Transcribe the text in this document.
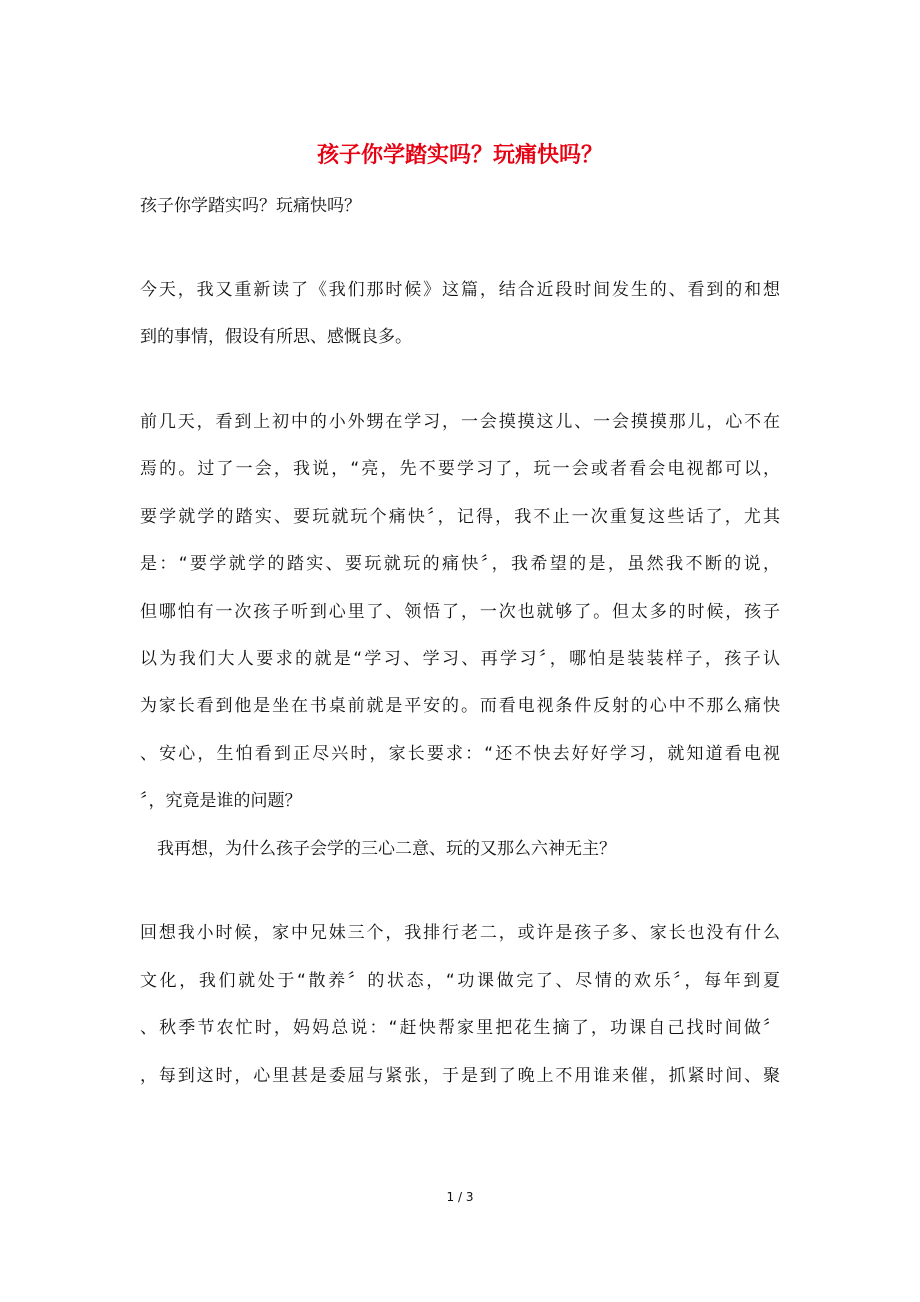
孩子你学踏实吗？玩痛快吗？
孩子你学踏实吗？玩痛快吗？
今天，我又重新读了《我们那时候》这篇，结合近段时间发生的、看到的和想
到的事情，假设有所思、感慨良多。
前几天，看到上初中的小外甥在学习，一会摸摸这儿、一会摸摸那儿，心不在
焉的。过了一会，我说，“亮，先不要学习了，玩一会或者看会电视都可以，
要学就学的踏实、要玩就玩个痛快〞，记得，我不止一次重复这些话了，尤其
是：“要学就学的踏实、要玩就玩的痛快〞，我希望的是，虽然我不断的说，
但哪怕有一次孩子听到心里了、领悟了，一次也就够了。但太多的时候，孩子
以为我们大人要求的就是“学习、学习、再学习〞，哪怕是装装样子，孩子认
为家长看到他是坐在书桌前就是平安的。而看电视条件反射的心中不那么痛快
、安心，生怕看到正尽兴时，家长要求：“还不快去好好学习，就知道看电视
〞，究竟是谁的问题？
我再想，为什么孩子会学的三心二意、玩的又那么六神无主？
回想我小时候，家中兄妹三个，我排行老二，或许是孩子多、家长也没有什么
文化，我们就处于“散养〞的状态，“功课做完了、尽情的欢乐〞，每年到夏
、秋季节农忙时，妈妈总说：“赶快帮家里把花生摘了，功课自己找时间做〞
，每到这时，心里甚是委屈与紧张，于是到了晚上不用谁来催，抓紧时间、聚
1 / 3
